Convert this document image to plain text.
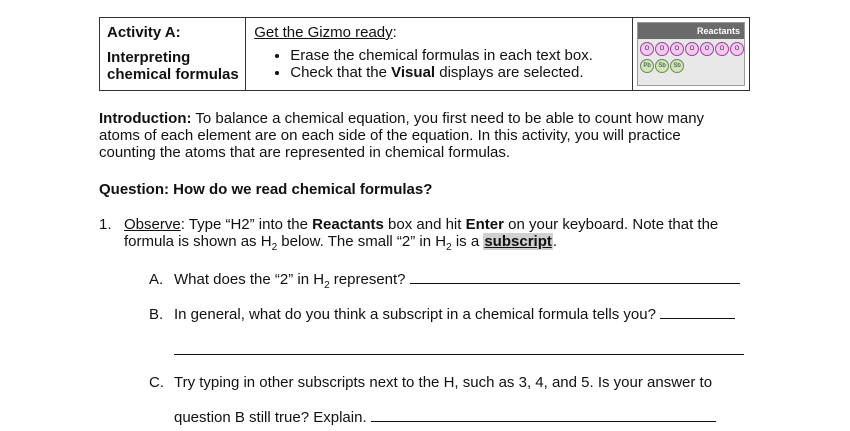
Activity A:
Interpreting
chemical formulas
Get the Gizmo ready:
• Erase the chemical formulas in each text box.
• Check that the Visual displays are selected.
Reactants
O	O	O	O	O	O	O
Pb	Sb	Sb
Introduction: To balance a chemical equation, you first need to be able to count how many
atoms of each element are on each side of the equation. In this activity, you will practice
counting the atoms that are represented in chemical formulas.
Question: How do we read chemical formulas?
1. Observe: Type “H2” into the Reactants box and hit Enter on your keyboard. Note that the
formula is shown as $H_2$ below. The small “2” in $H_2$ is a subscript.
A. What does the “2” in $H_2$ represent?
B. In general, what do you think a subscript in a chemical formula tells you?
C. Try typing in other subscripts next to the H, such as 3, 4, and 5. Is your answer to
question B still true? Explain.
